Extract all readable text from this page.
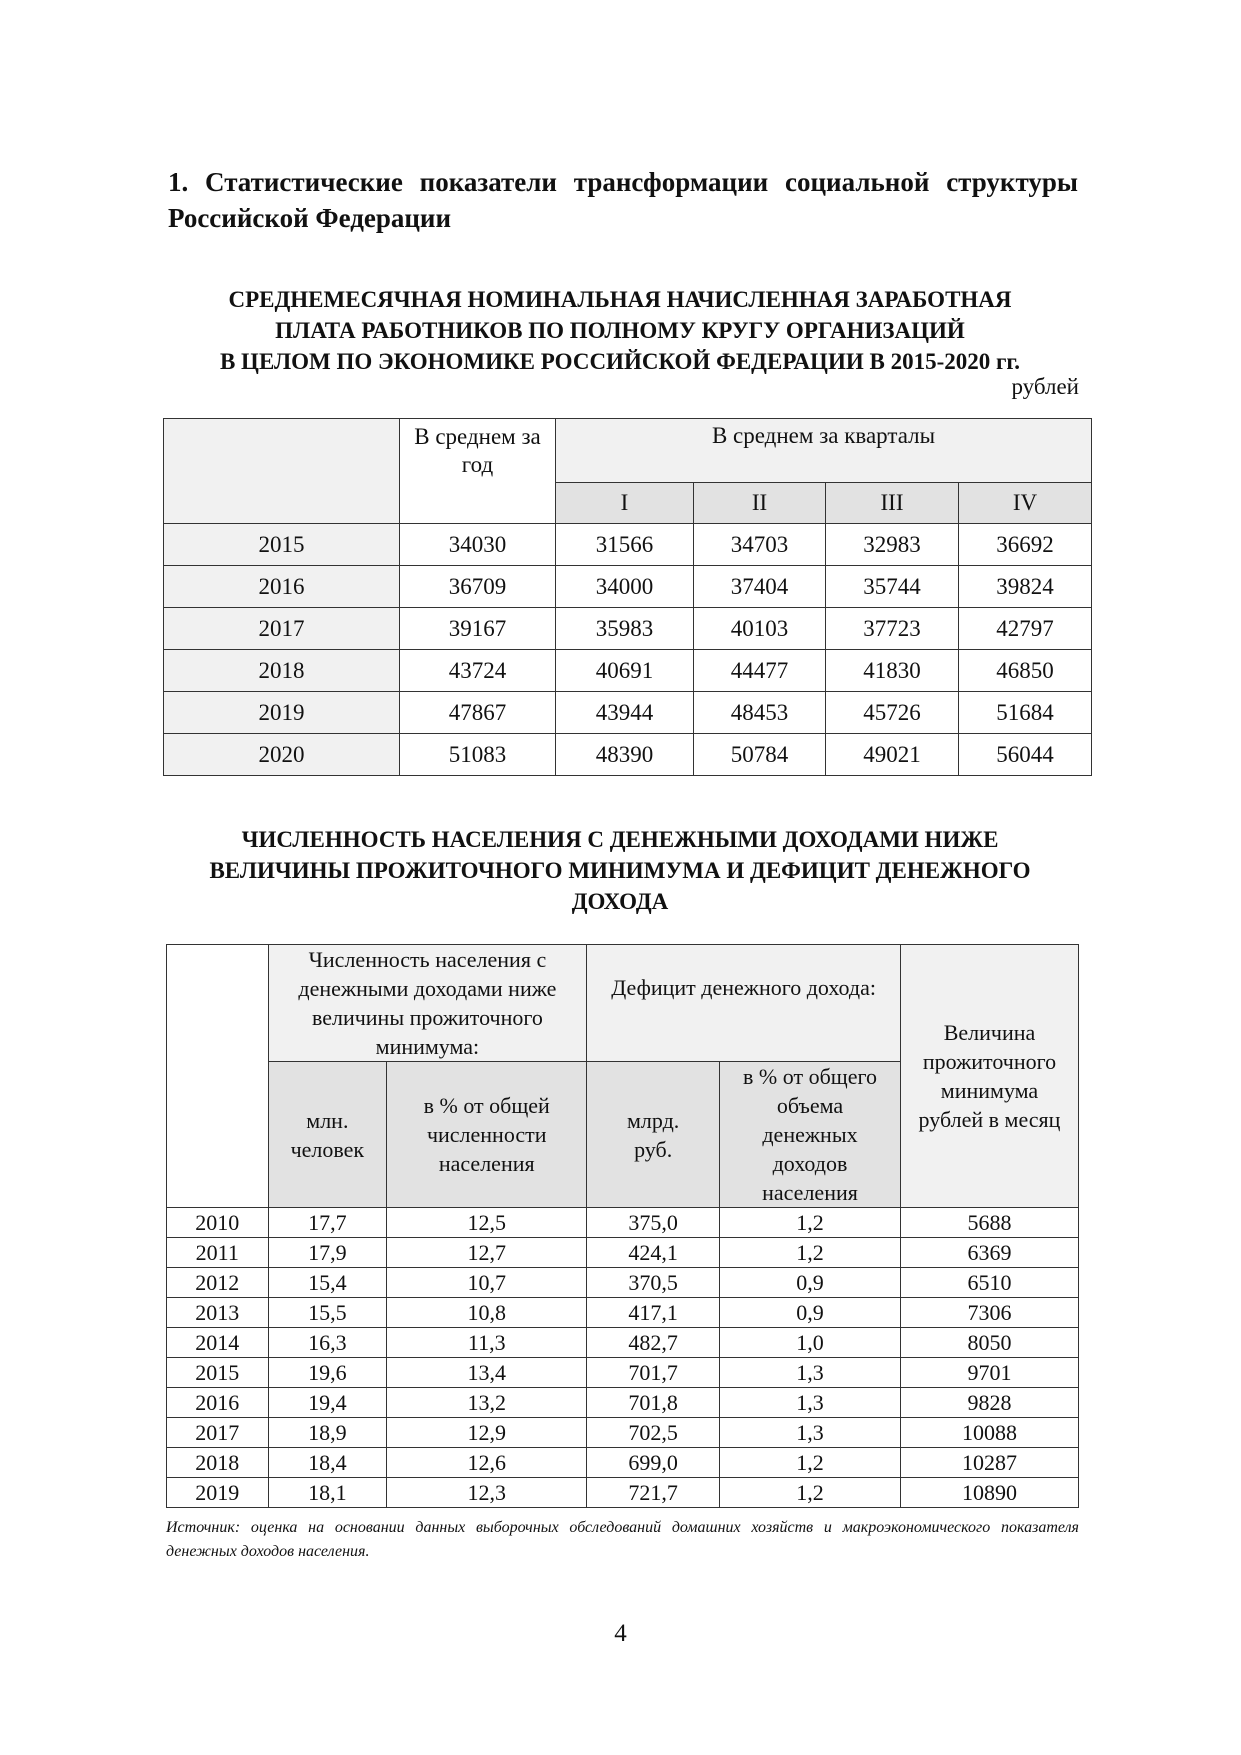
1. Статистические показатели трансформации социальной структуры Российской Федерации
СРЕДНЕМЕСЯЧНАЯ НОМИНАЛЬНАЯ НАЧИСЛЕННАЯ ЗАРАБОТНАЯ
ПЛАТА РАБОТНИКОВ ПО ПОЛНОМУ КРУГУ ОРГАНИЗАЦИЙ
В ЦЕЛОМ ПО ЭКОНОМИКЕ РОССИЙСКОЙ ФЕДЕРАЦИИ В 2015-2020 гг.
рублей
	В среднем за год	В среднем за кварталы			
		I	II	III	IV
2015	34030	31566	34703	32983	36692
2016	36709	34000	37404	35744	39824
2017	39167	35983	40103	37723	42797
2018	43724	40691	44477	41830	46850
2019	47867	43944	48453	45726	51684
2020	51083	48390	50784	49021	56044
ЧИСЛЕННОСТЬ НАСЕЛЕНИЯ С ДЕНЕЖНЫМИ ДОХОДАМИ НИЖЕ
ВЕЛИЧИНЫ ПРОЖИТОЧНОГО МИНИМУМА И ДЕФИЦИТ ДЕНЕЖНОГО
ДОХОДА
	Численность населения с денежными доходами ниже величины прожиточного минимума:		Дефицит денежного дохода:		Величина прожиточного минимума рублей в месяц
	млн. человек	в % от общей численности населения	млрд. руб.	в % от общего объема денежных доходов населения	
2010	17,7	12,5	375,0	1,2	5688
2011	17,9	12,7	424,1	1,2	6369
2012	15,4	10,7	370,5	0,9	6510
2013	15,5	10,8	417,1	0,9	7306
2014	16,3	11,3	482,7	1,0	8050
2015	19,6	13,4	701,7	1,3	9701
2016	19,4	13,2	701,8	1,3	9828
2017	18,9	12,9	702,5	1,3	10088
2018	18,4	12,6	699,0	1,2	10287
2019	18,1	12,3	721,7	1,2	10890
Источник: оценка на основании данных выборочных обследований домашних хозяйств и макроэкономического показателя денежных доходов населения.
4
